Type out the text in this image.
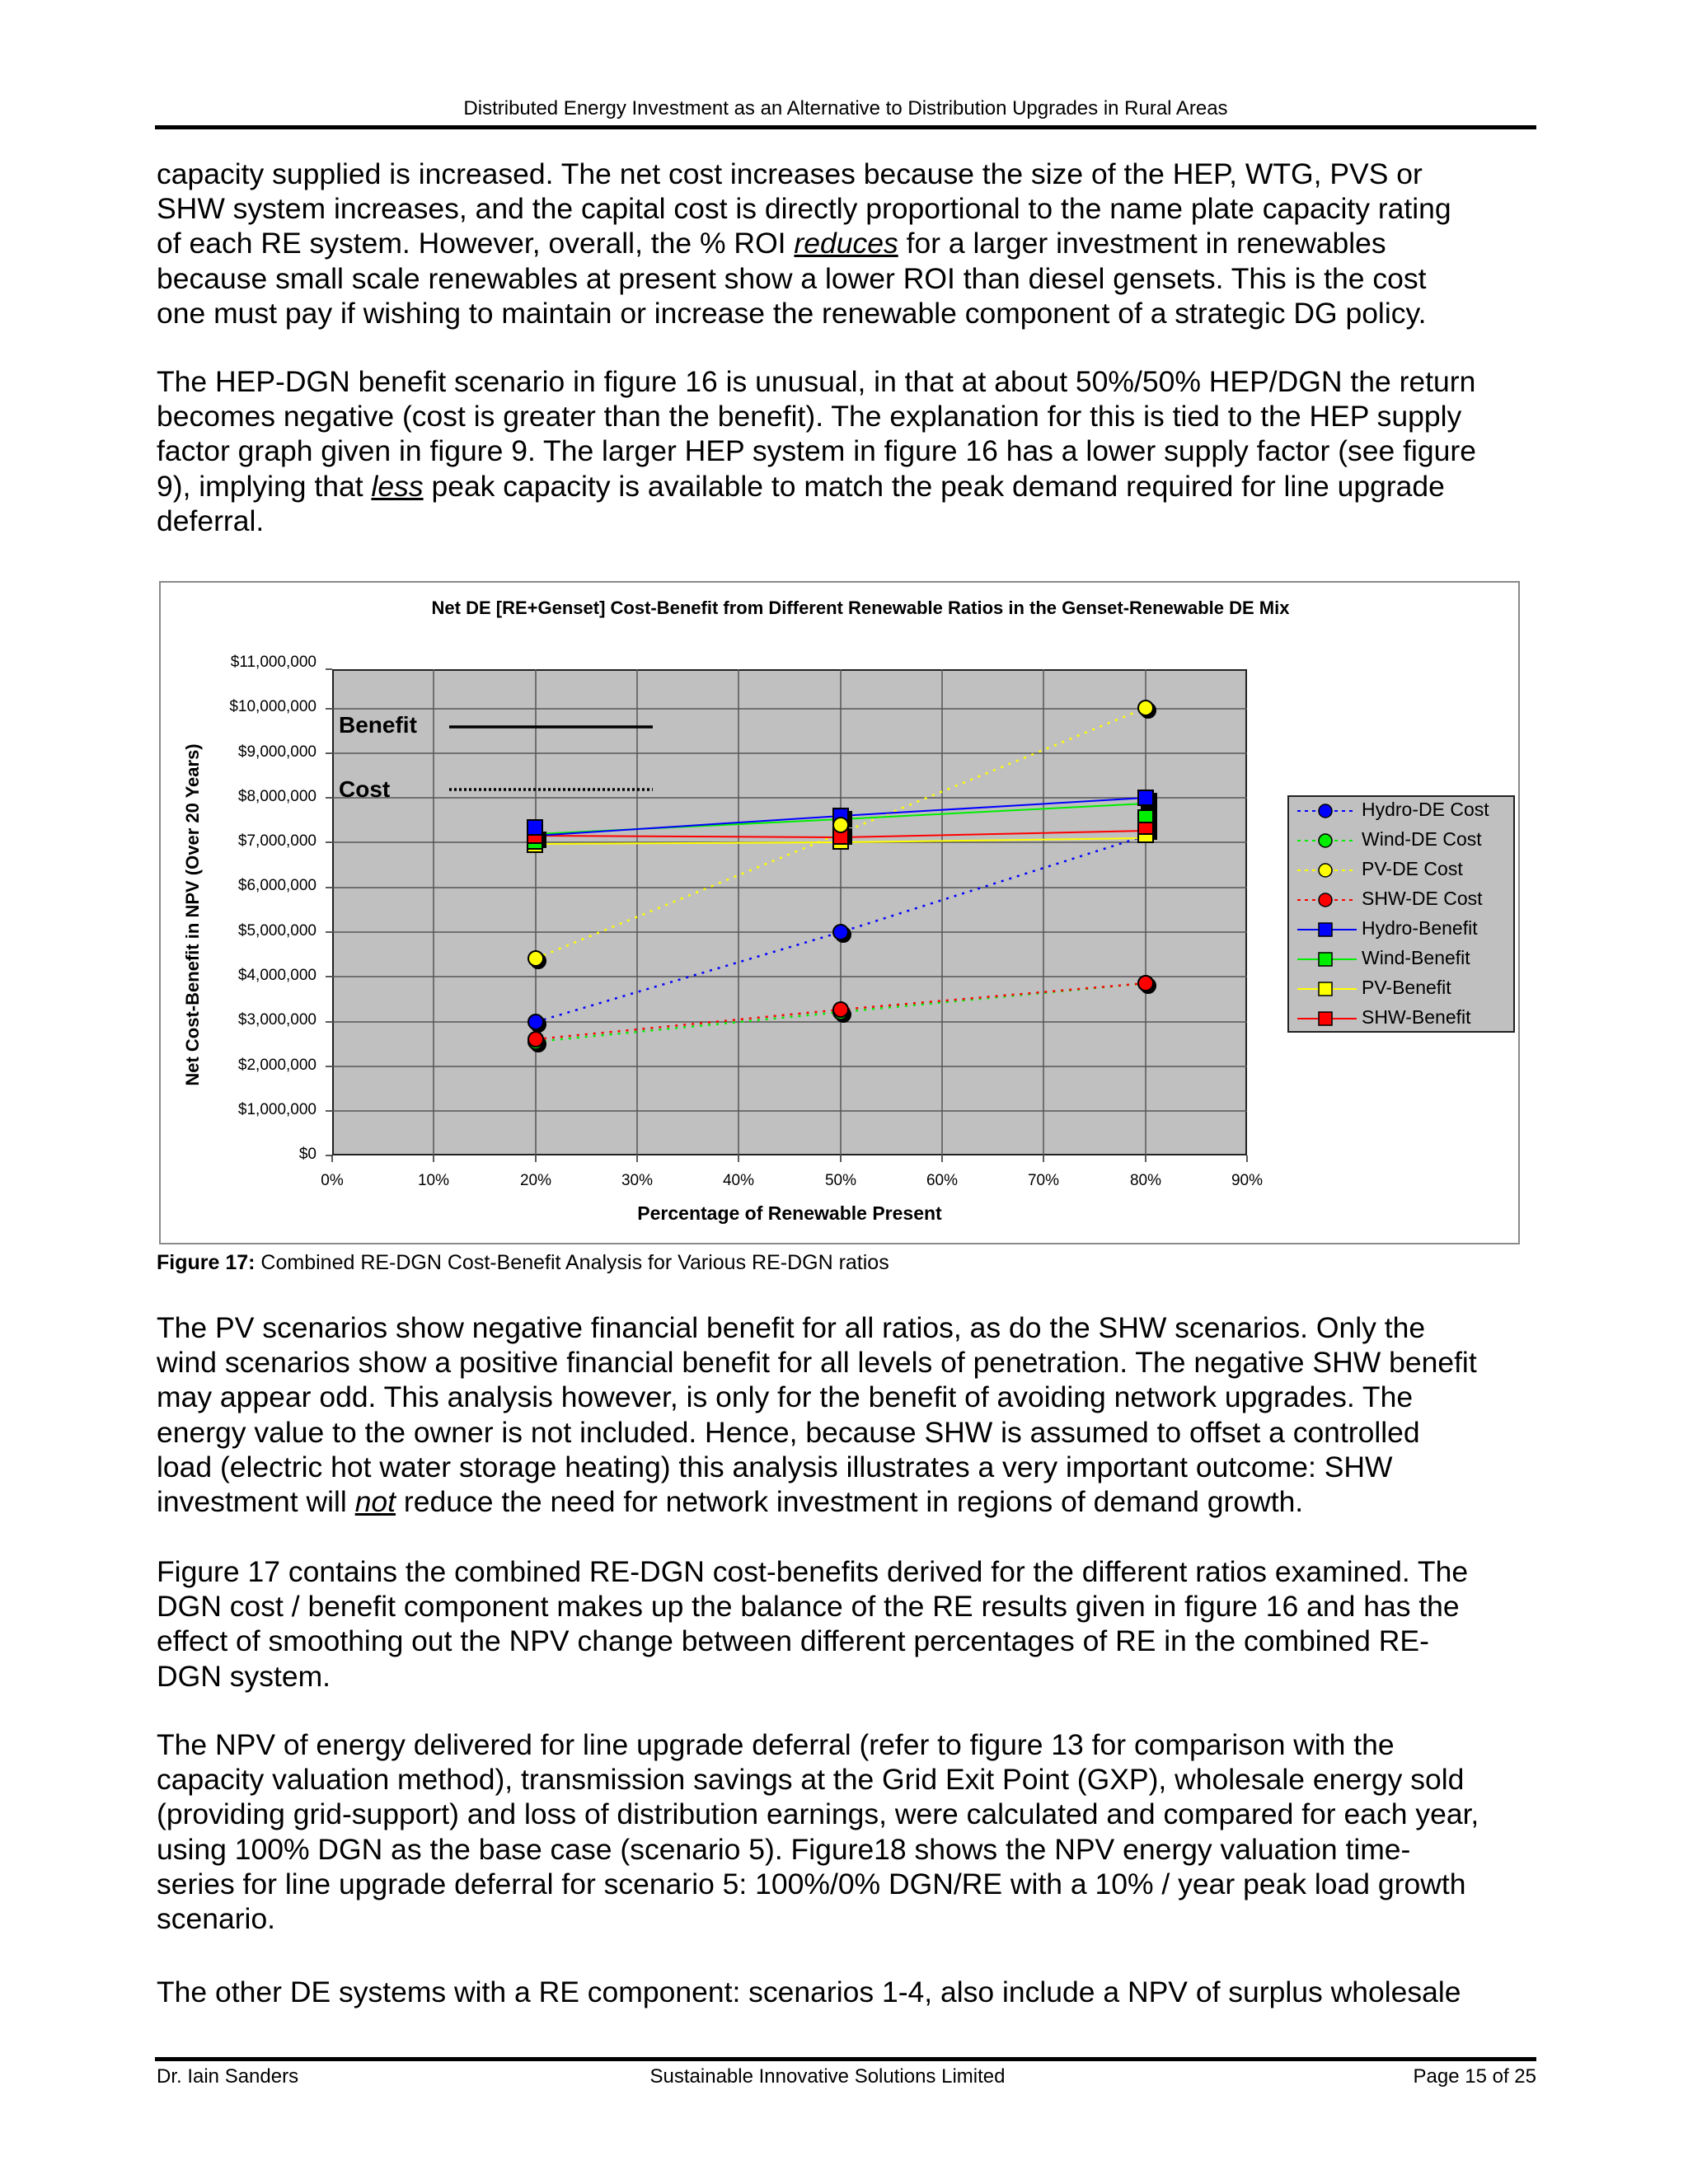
Distributed Energy Investment as an Alternative to Distribution Upgrades in Rural Areas
capacity supplied is increased. The net cost increases because the size of the HEP, WTG, PVS or
SHW system increases, and the capital cost is directly proportional to the name plate capacity rating
of each RE system. However, overall, the % ROI reduces for a larger investment in renewables
because small scale renewables at present show a lower ROI than diesel gensets. This is the cost
one must pay if wishing to maintain or increase the renewable component of a strategic DG policy.
The HEP-DGN benefit scenario in figure 16 is unusual, in that at about 50%/50% HEP/DGN the return
becomes negative (cost is greater than the benefit). The explanation for this is tied to the HEP supply
factor graph given in figure 9. The larger HEP system in figure 16 has a lower supply factor (see figure
9), implying that less peak capacity is available to match the peak demand required for line upgrade
deferral.
Net DE [RE+Genset] Cost-Benefit from Different Renewable Ratios in the Genset-Renewable DE Mix
$0
$1,000,000
$2,000,000
$3,000,000
$4,000,000
$5,000,000
$6,000,000
$7,000,000
$8,000,000
$9,000,000
$10,000,000
$11,000,000
Net Cost-Benefit in NPV (Over 20 Years)
Benefit
Cost
0%	10%	20%	30%	40%	50%	60%	70%	80%	90%
Percentage of Renewable Present
Hydro-DE Cost
Wind-DE Cost
PV-DE Cost
SHW-DE Cost
Hydro-Benefit
Wind-Benefit
PV-Benefit
SHW-Benefit
Figure 17: Combined RE-DGN Cost-Benefit Analysis for Various RE-DGN ratios
The PV scenarios show negative financial benefit for all ratios, as do the SHW scenarios. Only the
wind scenarios show a positive financial benefit for all levels of penetration. The negative SHW benefit
may appear odd. This analysis however, is only for the benefit of avoiding network upgrades. The
energy value to the owner is not included. Hence, because SHW is assumed to offset a controlled
load (electric hot water storage heating) this analysis illustrates a very important outcome: SHW
investment will not reduce the need for network investment in regions of demand growth.
Figure 17 contains the combined RE-DGN cost-benefits derived for the different ratios examined. The
DGN cost / benefit component makes up the balance of the RE results given in figure 16 and has the
effect of smoothing out the NPV change between different percentages of RE in the combined RE-
DGN system.
The NPV of energy delivered for line upgrade deferral (refer to figure 13 for comparison with the
capacity valuation method), transmission savings at the Grid Exit Point (GXP), wholesale energy sold
(providing grid-support) and loss of distribution earnings, were calculated and compared for each year,
using 100% DGN as the base case (scenario 5). Figure18 shows the NPV energy valuation time-
series for line upgrade deferral for scenario 5: 100%/0% DGN/RE with a 10% / year peak load growth
scenario.
The other DE systems with a RE component: scenarios 1-4, also include a NPV of surplus wholesale
Dr. Iain Sanders	Sustainable Innovative Solutions Limited	Page 15 of 25
